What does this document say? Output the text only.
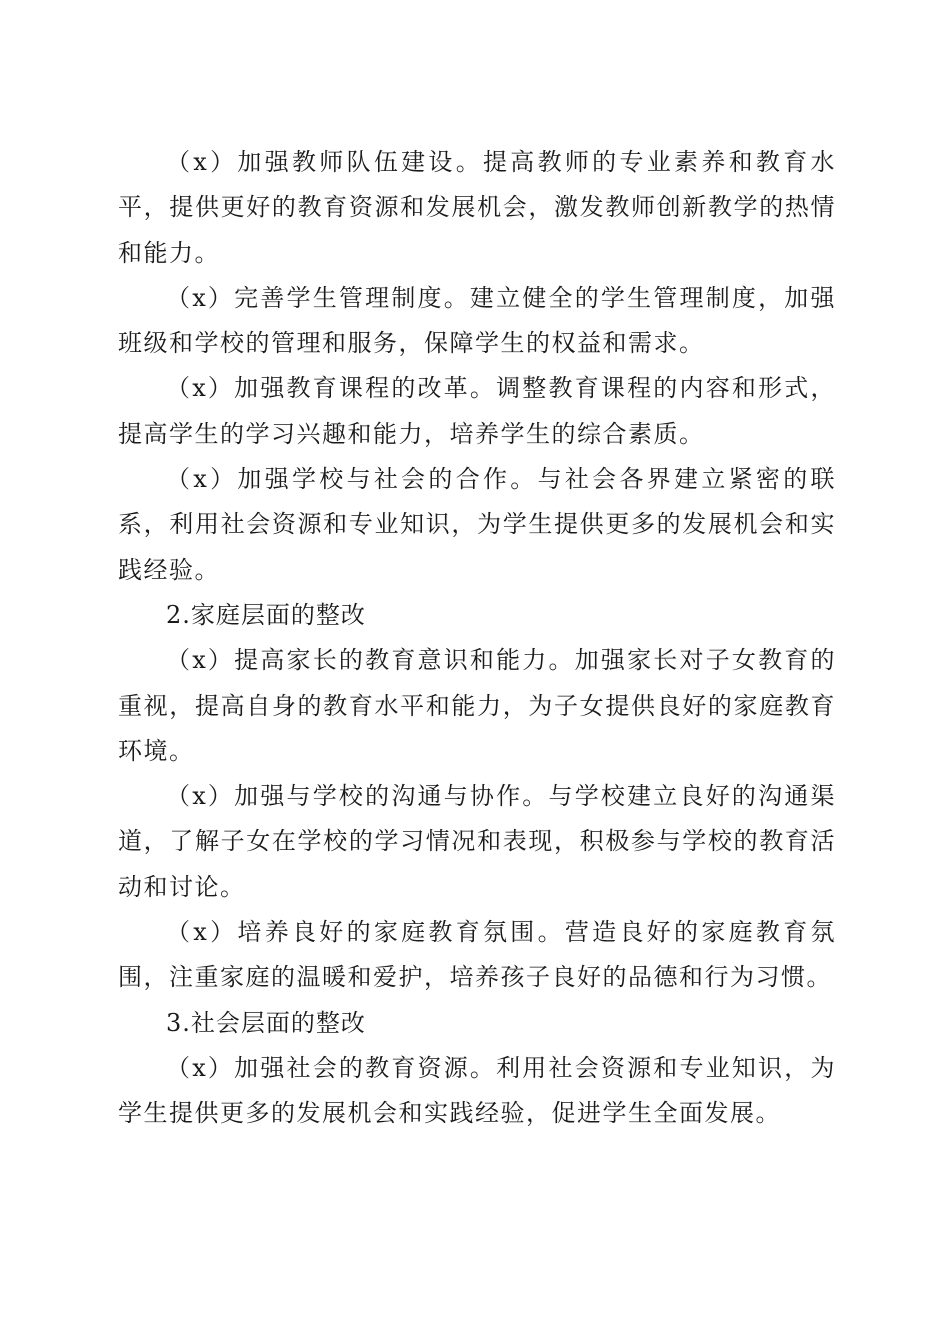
（x）加强教师队伍建设。提高教师的专业素养和教育水平，提供更好的教育资源和发展机会，激发教师创新教学的热情和能力。

（x）完善学生管理制度。建立健全的学生管理制度，加强班级和学校的管理和服务，保障学生的权益和需求。

（x）加强教育课程的改革。调整教育课程的内容和形式，提高学生的学习兴趣和能力，培养学生的综合素质。

（x）加强学校与社会的合作。与社会各界建立紧密的联系，利用社会资源和专业知识，为学生提供更多的发展机会和实践经验。

2.家庭层面的整改

（x）提高家长的教育意识和能力。加强家长对子女教育的重视，提高自身的教育水平和能力，为子女提供良好的家庭教育环境。

（x）加强与学校的沟通与协作。与学校建立良好的沟通渠道，了解子女在学校的学习情况和表现，积极参与学校的教育活动和讨论。

（x）培养良好的家庭教育氛围。营造良好的家庭教育氛围，注重家庭的温暖和爱护，培养孩子良好的品德和行为习惯。

3.社会层面的整改

（x）加强社会的教育资源。利用社会资源和专业知识，为学生提供更多的发展机会和实践经验，促进学生全面发展。
